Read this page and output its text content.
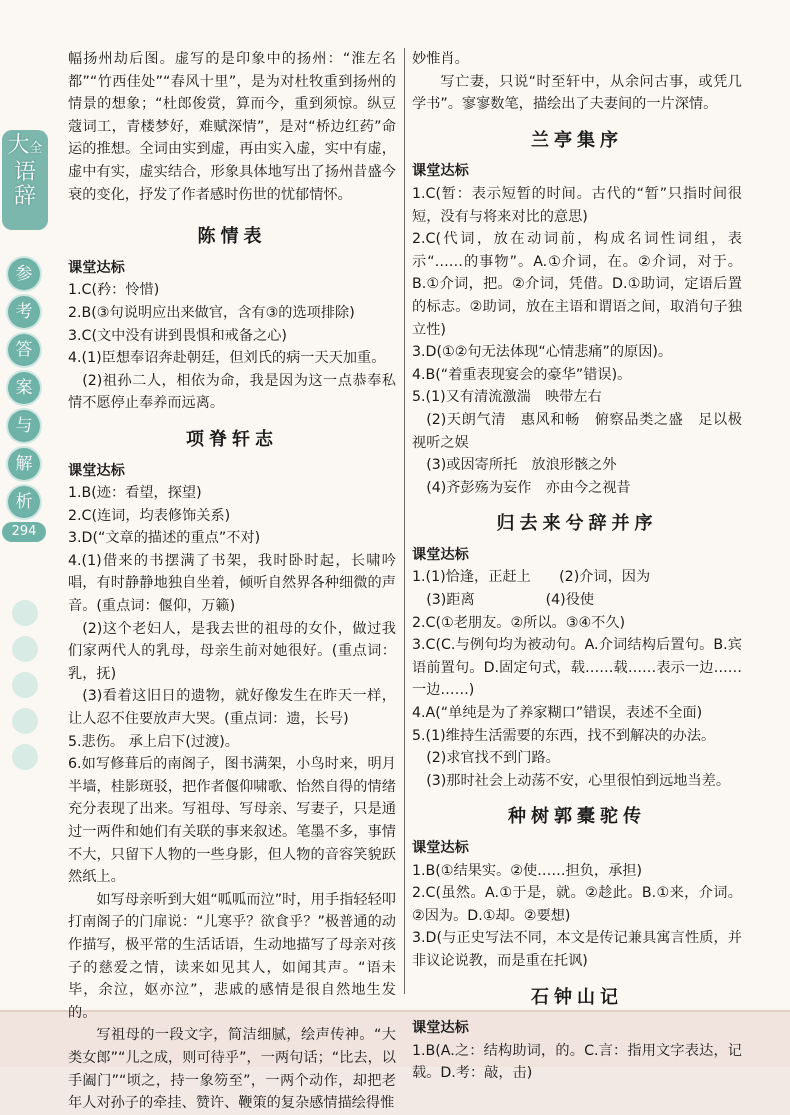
大全
语
辞
参
考
答
案
与
解
析
294

幅扬州劫后图。虚写的是印象中的扬州：“淮左名都”“竹西佳处”“春风十里”，是为对杜牧重到扬州的情景的想象；“杜郎俊赏，算而今，重到须惊。纵豆蔻词工，青楼梦好，难赋深情”，是对“桥边红药”命运的推想。全词由实到虚，再由实入虚，实中有虚，虚中有实，虚实结合，形象具体地写出了扬州昔盛今衰的变化，抒发了作者感时伤世的忧郁情怀。

陈情表

课堂达标

1.C(矜：怜惜)

2.B(③句说明应出来做官，含有③的选项排除)

3.C(文中没有讲到畏惧和戒备之心)

4.(1)臣想奉诏奔赴朝廷，但刘氏的病一天天加重。

(2)祖孙二人，相依为命，我是因为这一点恭奉私情不愿停止奉养而远离。

项脊轩志

课堂达标

1.B(迹：看望，探望)

2.C(连词，均表修饰关系)

3.D(“文章的描述的重点”不对)

4.(1)借来的书摆满了书架，我时卧时起，长啸吟唱，有时静静地独自坐着，倾听自然界各种细微的声音。(重点词：偃仰，万籁)

(2)这个老妇人，是我去世的祖母的女仆，做过我们家两代人的乳母，母亲生前对她很好。(重点词：乳，抚)

(3)看着这旧日的遗物，就好像发生在昨天一样，让人忍不住要放声大哭。(重点词：遗，长号)

5.悲伤。 承上启下(过渡)。

6.如写修葺后的南阁子，图书满架，小鸟时来，明月半墙，桂影斑驳，把作者偃仰啸歌、怡然自得的情绪充分表现了出来。写祖母、写母亲、写妻子，只是通过一两件和她们有关联的事来叙述。笔墨不多，事情不大，只留下人物的一些身影，但人物的音容笑貌跃然纸上。

如写母亲听到大姐“呱呱而泣”时，用手指轻轻叩打南阁子的门扉说：“儿寒乎？欲食乎？”极普通的动作描写，极平常的生活话语，生动地描写了母亲对孩子的慈爱之情，读来如见其人，如闻其声。“语未毕，余泣，妪亦泣”，悲戚的感情是很自然地生发的。

写祖母的一段文字，简洁细腻，绘声传神。“大类女郎”“儿之成，则可待乎”，一两句话；“比去，以手阖门”“顷之，持一象笏至”，一两个动作，却把老年人对孙子的牵挂、赞许、鞭策的复杂感情描绘得惟

妙惟肖。

写亡妻，只说“时至轩中，从余问古事，或凭几学书”。寥寥数笔，描绘出了夫妻间的一片深情。

兰亭集序

课堂达标

1.C(暂：表示短暂的时间。古代的“暂”只指时间很短，没有与将来对比的意思)

2.C(代词，放在动词前，构成名词性词组，表示“……的事物”。A.①介词，在。②介词，对于。B.①介词，把。②介词，凭借。D.①助词，定语后置的标志。②助词，放在主语和谓语之间，取消句子独立性)

3.D(①②句无法体现“心情悲痛”的原因)。

4.B(“着重表现宴会的豪华”错误)。

5.(1)又有清流激湍　映带左右

(2)天朗气清　惠风和畅　俯察品类之盛　足以极视听之娱

(3)或因寄所托　放浪形骸之外

(4)齐彭殇为妄作　亦由今之视昔

归去来兮辞并序

课堂达标

1.(1)恰逢，正赶上　　(2)介词，因为

(3)距离　　　　　(4)役使

2.C(①老朋友。②所以。③④不久)

3.C(C.与例句均为被动句。A.介词结构后置句。B.宾语前置句。D.固定句式，载……载……表示一边……一边……)

4.A(“单纯是为了养家糊口”错误，表述不全面)

5.(1)维持生活需要的东西，找不到解决的办法。

(2)求官找不到门路。

(3)那时社会上动荡不安，心里很怕到远地当差。

种树郭橐驼传

课堂达标

1.B(①结果实。②使……担负，承担)

2.C(虽然。A.①于是，就。②趁此。B.①来，介词。②因为。D.①却。②要想)

3.D(与正史写法不同，本文是传记兼具寓言性质，并非议论说教，而是重在托讽)

石钟山记

课堂达标

1.B(A.之：结构助词，的。C.言：指用文字表达，记载。D.考：敲，击)
